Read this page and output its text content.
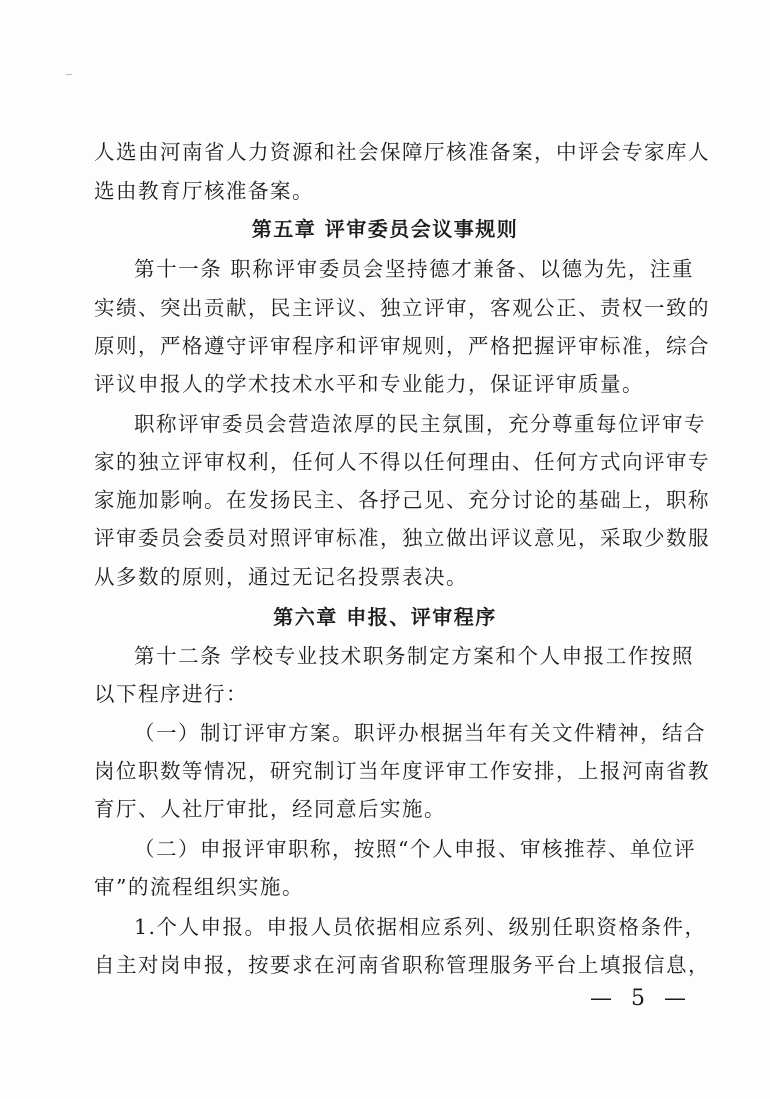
人选由河南省人力资源和社会保障厅核准备案，中评会专家库人
选由教育厅核准备案。
第五章 评审委员会议事规则
第十一条 职称评审委员会坚持德才兼备、以德为先，注重
实绩、突出贡献，民主评议、独立评审，客观公正、责权一致的
原则，严格遵守评审程序和评审规则，严格把握评审标准，综合
评议申报人的学术技术水平和专业能力，保证评审质量。
职称评审委员会营造浓厚的民主氛围，充分尊重每位评审专
家的独立评审权利，任何人不得以任何理由、任何方式向评审专
家施加影响。在发扬民主、各抒己见、充分讨论的基础上，职称
评审委员会委员对照评审标准，独立做出评议意见，采取少数服
从多数的原则，通过无记名投票表决。
第六章 申报、评审程序
第十二条 学校专业技术职务制定方案和个人申报工作按照
以下程序进行：
（一）制订评审方案。职评办根据当年有关文件精神，结合
岗位职数等情况，研究制订当年度评审工作安排，上报河南省教
育厅、人社厅审批，经同意后实施。
（二）申报评审职称，按照“个人申报、审核推荐、单位评
审”的流程组织实施。
1.个人申报。申报人员依据相应系列、级别任职资格条件，
自主对岗申报，按要求在河南省职称管理服务平台上填报信息，
— 5 —
